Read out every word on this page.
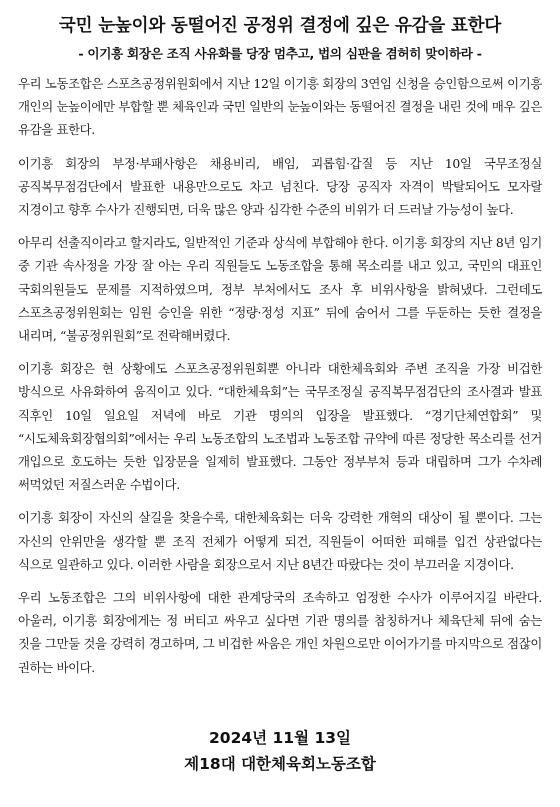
국민 눈높이와 동떨어진 공정위 결정에 깊은 유감을 표한다
- 이기흥 회장은 조직 사유화를 당장 멈추고, 법의 심판을 겸허히 맞이하라 -

우리 노동조합은 스포츠공정위원회에서 지난 12일 이기흥 회장의 3연임 신청을 승인함으로써 이기흥 개인의 눈높이에만 부합할 뿐 체육인과 국민 일반의 눈높이와는 동떨어진 결정을 내린 것에 매우 깊은 유감을 표한다.

이기흥 회장의 부정·부패사항은 채용비리, 배임, 괴롭힘·갑질 등 지난 10일 국무조정실 공직복무점검단에서 발표한 내용만으로도 차고 넘친다. 당장 공직자 자격이 박탈되어도 모자랄 지경이고 향후 수사가 진행되면, 더욱 많은 양과 심각한 수준의 비위가 더 드러날 가능성이 높다.

아무리 선출직이라고 할지라도, 일반적인 기준과 상식에 부합해야 한다. 이기흥 회장의 지난 8년 임기 중 기관 속사정을 가장 잘 아는 우리 직원들도 노동조합을 통해 목소리를 내고 있고, 국민의 대표인 국회의원들도 문제를 지적하였으며, 정부 부처에서도 조사 후 비위사항을 밝혀냈다. 그런데도 스포츠공정위원회는 임원 승인을 위한 “정량·정성 지표” 뒤에 숨어서 그를 두둔하는 듯한 결정을 내리며, “불공정위원회”로 전락해버렸다.

이기흥 회장은 현 상황에도 스포츠공정위원회뿐 아니라 대한체육회와 주변 조직을 가장 비겁한 방식으로 사유화하여 움직이고 있다. “대한체육회”는 국무조정실 공직복무점검단의 조사결과 발표 직후인 10일 일요일 저녁에 바로 기관 명의의 입장을 발표했다. “경기단체연합회” 및 “시도체육회장협의회”에서는 우리 노동조합의 노조법과 노동조합 규약에 따른 정당한 목소리를 선거 개입으로 호도하는 듯한 입장문을 일제히 발표했다. 그동안 정부부처 등과 대립하며 그가 수차례 써먹었던 저질스러운 수법이다.

이기흥 회장이 자신의 살길을 찾을수록, 대한체육회는 더욱 강력한 개혁의 대상이 될 뿐이다. 그는 자신의 안위만을 생각할 뿐 조직 전체가 어떻게 되건, 직원들이 어떠한 피해를 입건 상관없다는 식으로 일관하고 있다. 이러한 사람을 회장으로서 지난 8년간 따랐다는 것이 부끄러울 지경이다.

우리 노동조합은 그의 비위사항에 대한 관계당국의 조속하고 엄정한 수사가 이루어지길 바란다. 아울러, 이기흥 회장에게는 정 버티고 싸우고 싶다면 기관 명의를 참칭하거나 체육단체 뒤에 숨는 짓을 그만둘 것을 강력히 경고하며, 그 비겁한 싸움은 개인 차원으로만 이어가기를 마지막으로 점잖이 권하는 바이다.

2024년 11월 13일
제18대 대한체육회노동조합
